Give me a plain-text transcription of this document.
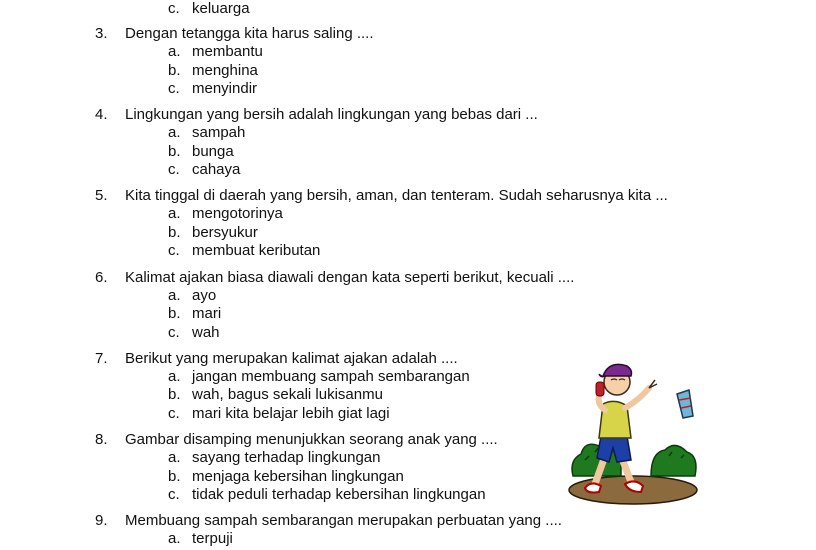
c. keluarga
3. Dengan tetangga kita harus saling ....
a. membantu
b. menghina
c. menyindir
4. Lingkungan yang bersih adalah lingkungan yang bebas dari ...
a. sampah
b. bunga
c. cahaya
5. Kita tinggal di daerah yang bersih, aman, dan tenteram. Sudah seharusnya kita ...
a. mengotorinya
b. bersyukur
c. membuat keributan
6. Kalimat ajakan biasa diawali dengan kata seperti berikut, kecuali ....
a. ayo
b. mari
c. wah
7. Berikut yang merupakan kalimat ajakan adalah ....
a. jangan membuang sampah sembarangan
b. wah, bagus sekali lukisanmu
c. mari kita belajar lebih giat lagi
8. Gambar disamping menunjukkan seorang anak yang ....
a. sayang terhadap lingkungan
b. menjaga kebersihan lingkungan
c. tidak peduli terhadap kebersihan lingkungan
9. Membuang sampah sembarangan merupakan perbuatan yang ....
a. terpuji
